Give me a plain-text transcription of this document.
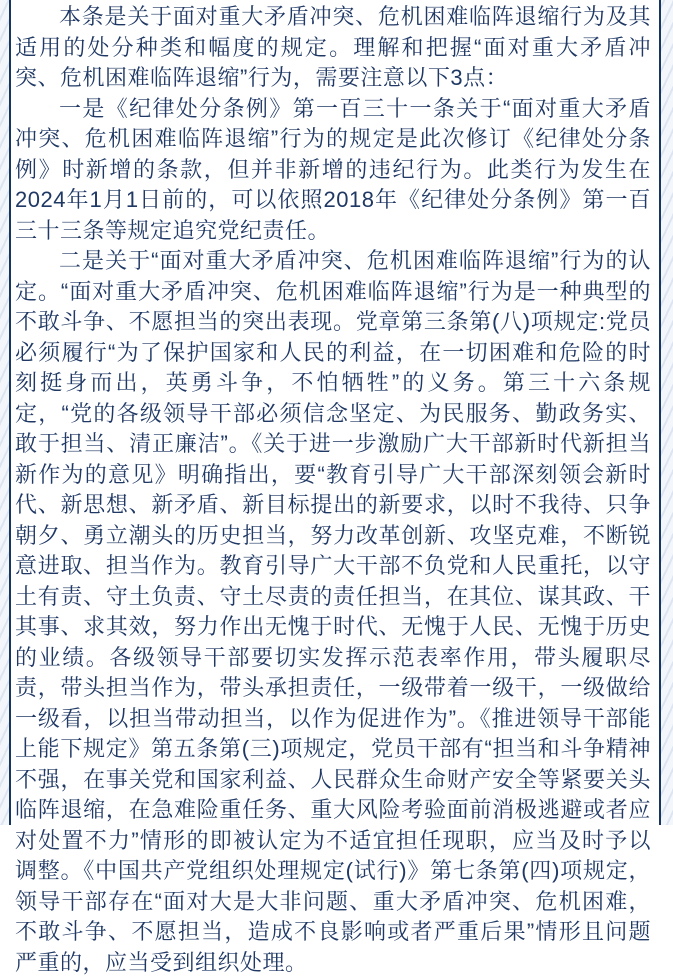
本条是关于面对重大矛盾冲突、危机困难临阵退缩行为及其适用的处分种类和幅度的规定。理解和把握“面对重大矛盾冲突、危机困难临阵退缩”行为，需要注意以下3点：

一是《纪律处分条例》第一百三十一条关于“面对重大矛盾冲突、危机困难临阵退缩”行为的规定是此次修订《纪律处分条例》时新增的条款，但并非新增的违纪行为。此类行为发生在2024年1月1日前的，可以依照2018年《纪律处分条例》第一百三十三条等规定追究党纪责任。

二是关于“面对重大矛盾冲突、危机困难临阵退缩”行为的认定。“面对重大矛盾冲突、危机困难临阵退缩”行为是一种典型的不敢斗争、不愿担当的突出表现。党章第三条第(八)项规定:党员必须履行“为了保护国家和人民的利益，在一切困难和危险的时刻挺身而出，英勇斗争，不怕牺牲”的义务。第三十六条规定，“党的各级领导干部必须信念坚定、为民服务、勤政务实、敢于担当、清正廉洁”。《关于进一步激励广大干部新时代新担当新作为的意见》明确指出，要“教育引导广大干部深刻领会新时代、新思想、新矛盾、新目标提出的新要求，以时不我待、只争朝夕、勇立潮头的历史担当，努力改革创新、攻坚克难，不断锐意进取、担当作为。教育引导广大干部不负党和人民重托，以守土有责、守土负责、守土尽责的责任担当，在其位、谋其政、干其事、求其效，努力作出无愧于时代、无愧于人民、无愧于历史的业绩。各级领导干部要切实发挥示范表率作用，带头履职尽责，带头担当作为，带头承担责任，一级带着一级干，一级做给一级看，以担当带动担当，以作为促进作为”。《推进领导干部能上能下规定》第五条第(三)项规定，党员干部有“担当和斗争精神不强，在事关党和国家利益、人民群众生命财产安全等紧要关头临阵退缩，在急难险重任务、重大风险考验面前消极逃避或者应对处置不力”情形的即被认定为不适宜担任现职，应当及时予以调整。《中国共产党组织处理规定(试行)》第七条第(四)项规定，领导干部存在“面对大是大非问题、重大矛盾冲突、危机困难，不敢斗争、不愿担当，造成不良影响或者严重后果”情形且问题严重的，应当受到组织处理。
